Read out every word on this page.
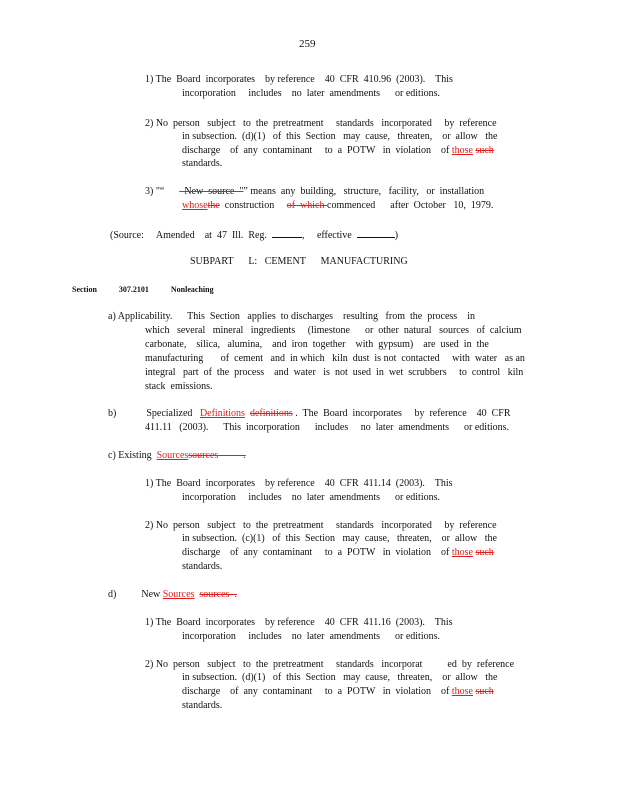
259
1) The  Board  incorporates    by reference    40  CFR  410.96  (2003).    This
incorporation     includes    no  later  amendments      or editions.
2) No  person   subject   to  the  pretreatment     standards   incorporated     by  reference
in subsection.  (d)(1)   of  this  Section   may  cause,   threaten,    or  allow   the
discharge    of  any  contaminant     to  a  POTW   in  violation    of those such
standards.
3) "“ –New  source  "” means  any  building,   structure,   facility,   or  installation
whosethe  construction     of  which commenced      after  October   10,  1979.
(Source: Amended    at  47  Ill.  Reg.	, effective	)
SUBPART      L:   CEMENT      MANUFACTURING
Section	307.2101	Nonleaching
a) Applicability.      This  Section   applies  to discharges    resulting   from  the  process    in
which   several   mineral   ingredients     (limestone      or  other  natural   sources   of  calcium
carbonate,    silica,   alumina,    and  iron  together    with  gypsum)    are  used  in  the
manufacturing       of  cement   and  in which   kiln  dust  is not  contacted     with  water   as an
integral   part  of  the  process    and  water   is  not  used  in  wet  scrubbers     to  control   kiln
stack  emissions.
b)	Specialized Definitions definitions .  The  Board  incorporates     by  reference    40  CFR
411.11   (2003).      This  incorporation      includes     no  later  amendments      or editions.
c) Existing Sourcessources          .
1) The  Board  incorporates    by reference    40  CFR  411.14  (2003).    This
incorporation     includes    no  later  amendments      or editions.
2) No  person   subject   to  the  pretreatment     standards   incorporated     by  reference
in subsection.  (c)(1)   of  this  Section   may  cause,   threaten,    or  allow   the
discharge    of  any  contaminant     to  a  POTW   in  violation    of those such
standards.
d)	New Sources sources  .
1) The  Board  incorporates    by reference    40  CFR  411.16  (2003).    This
incorporation     includes    no  later  amendments      or editions.
2) No  person   subject   to  the  pretreatment     standards   incorporat          ed  by  reference
in subsection.  (d)(1)   of  this  Section   may  cause,   threaten,    or  allow   the
discharge    of  any  contaminant     to  a  POTW   in  violation    of those such
standards.
